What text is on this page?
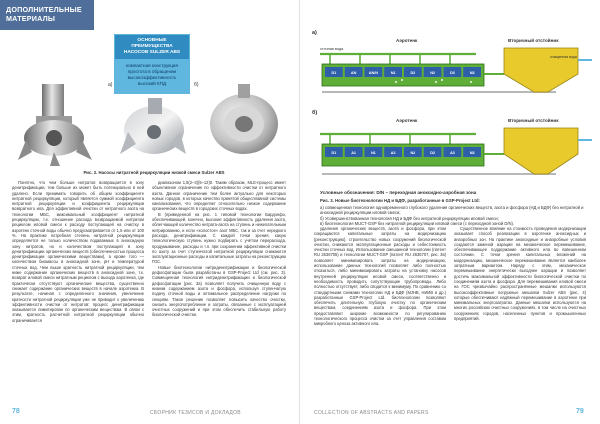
ДОПОЛНИТЕЛЬНЫЕ
МАТЕРИАЛЫ
а)	б)
ОСНОВНЫЕ ПРЕИМУЩЕСТВА НАСОСОВ SULZER ABS
компактная конструкция простота в обращении высокоэффективность высокий КПД
Рис. 2. Насосы нитратной рециркуляции низкой смеси Sulzer ABS

Понятно, что чем больше нитратов возвращается в зону денитрификации, тем больше их может быть потенциально в ней удалено. Если принимать говорить об общем коэффициенте нитратной рециркуляции, который является суммой коэффициента нитратной рециркуляции и коэффициента рециркуляции возвратного ила. Для эффективной очистки от нитратного азота на технологии МБС, максимальный коэффициент нитратной рециркуляции, т.е. отношение расхода возвращаемой нитратом рециклом иловой смеси к расходу поступающей на очистку в аэротенк сточной воды обычно предусматривается от 1,5 или от 100 %. На практике потребная степень нитратной рециркуляции определяется не только количеством подаваемых в аноксидную зону нитратов, но и количеством поступающей в зону денитрификации органических веществ (обеспеченностью процесса денитрификации органическими веществами), а кроме того — количеством биомассы в аноксидной зоне, pH и температурой сточных вод. Чем выше кратность нитратной рециркуляции, тем ниже содержание органических веществ в аноксидной зоне, т.к. возврат иловой смеси нитратным рециклом с выхода аэротенка, где практически отсутствуют органические вещества, существенно снижает содержание органических веществ в начале аэротенка. В результате, начиная с определенного значения, увеличение кратности нитратной рециркуляции уже не приводит к увеличению эффективности очистки от нитратов: процесс денитрификации оказывается лимитирован по органическим веществам. В связи с этим, кратность расчетной нитратной рециркуляции обычно ограничивается

диапазоном 1,5(2–3)(5–12)0. Таким образом, MLE-процесс имеет объективное ограничение по эффективности очистки от нитратного азота. Данное ограничение тем более актуально для некоторых новых городов, в которых качество принятой общесплавной системы канализования, что определяет относительно низкое содержание органических веществ в городских сточных водах.

В (приведенной на рис. 1 типовой технологии Бардэнфо, обеспечивающей, конечно, высокие эффективность удаления азота, облегчающей количество нитрата-азота на ступень и нежелательным нитрированию, и если «холостое» азот МБС, так и за счет нередкого расхода, денитрификации. С каждой точки зрения, какую технологическую ступень нужно подбирать с учётом перерасхода, продумывание, расходы и т.п. при сохранении эффективной очистки по азоту за счет ступенчатой нитратной рециркуляции снижаются эксплуатационные расходы и капитальные затраты на реконструкцию ГОС.

Новые биотехнологии нитриденитрификации и биологической дефосфатации были разработаны в GSP-Project Ltd (см. рис. 3). Совмещенная технология нитриденитрификации и биологической дефосфатации (рис. 3а) позволяет получить очищенную воду с низким содержанием азота и фосфора, используя ступенчатую подачу сточной воды и оптимальное распределение нагрузки по секциям. Такое решение позволяет повысить качество очистки, снизить энергопотребление и затраты, связанные с эксплуатацией очистных сооружений и при этом обеспечить стабильную работу биологической очистки.

78	СБОРНИК ТЕЗИСОВ И ДОКЛАДОВ
а)
Аэротенк	Вторичный отстойник
сточная вода
D1	AN	AN/N	N1	D2	N2	D3	N3
очищенная вода
б)
Аэротенк	Вторичный отстойник
D1	A1	N1	A2	N2	D2	A3	N3
Условные обозначения: D/N – переходная аноксидно-аэробная зона
Рис. 3. Новые биотехнологии НД и БДФ, разработанные в GSP-Project Ltd:
а) совмещенная технология одновременного глубокого удаления органических веществ, азота и фосфора (НД и БДФ) без нитратной и аноксидной рециркуляции иловой смеси;
б) Усовершенствованная технология НД и БДФ без нитратной рециркуляции иловой смеси;
в) биотехнология MUCT-GSP без нитратной рециркуляции иловой смеси (с переходной зоной D/N).

удаления органических веществ, азота и фосфора, при этом сокращаются капитальные затраты на модернизацию (реконструкцию), строительство новых сооружений биологической очистки, снижаются эксплуатационные расходы и себестоимость очистки сточных вод. Использование смешанной технологии (патент RU 2636705) и технологии MUCT-GSP (патент RU 2636707, рис. 3в) позволяет минимизировать затраты на модернизацию, использование данных технологий позволяет либо полностью отказаться, либо минимизировать затраты на установку насосов внутренней рециркуляции иловой смеси, соответственно и необходимость проводить сопутствующие трубопроводы. Либо полностью отсутствует, либо сводится к минимуму. По сравнению со стандартными схемами технологии НД и БДФ (MJHB, НИИВ и др.) разработанные GSP-Project Ltd. биотехнологии позволяют обеспечить длительную глубокую очистку по органическим веществам, соединениям азота и фосфора. При этом предоставляют широкие возможности по регулированию технологического процесса очистки за счет управления составом микробного ценоза активного ила.

Существенное влияние на стоимость проведения модернизации оказывает способ реализации в аэротенке аноксидных и анаэробных зон. На практике аноксидные и анаэробные условия создаются заменой аэрации на механическое перемешивание, обеспечивающее поддержание активного ила во взвешенном состоянии. С точки зрения капитальных вложений на модернизацию, механическое перемешивание является наиболее затратным вариантом. Наряду с этим, механическое перемешивание энергетически выгоднее аэрации и позволяет достичь максимальной эффективности биологической очистки по соединениям азота и фосфора. Для перемешивания иловой смеси на ГОС чрезвычайно распространённые мешалки используются высокоэффективные погружные мешалки Sulzer ABS (рис. 4) которые обеспечивают надёжный перемешивание в аэротенке при минимальных энергозатратах. Данные мешалки используются на многих российских очистных сооружениях, в том числе на очистных сооружениях городов, населенных пунктов и промышленных предприятий.

COLLECTION OF ABSTRACTS AND PAPERS	79
